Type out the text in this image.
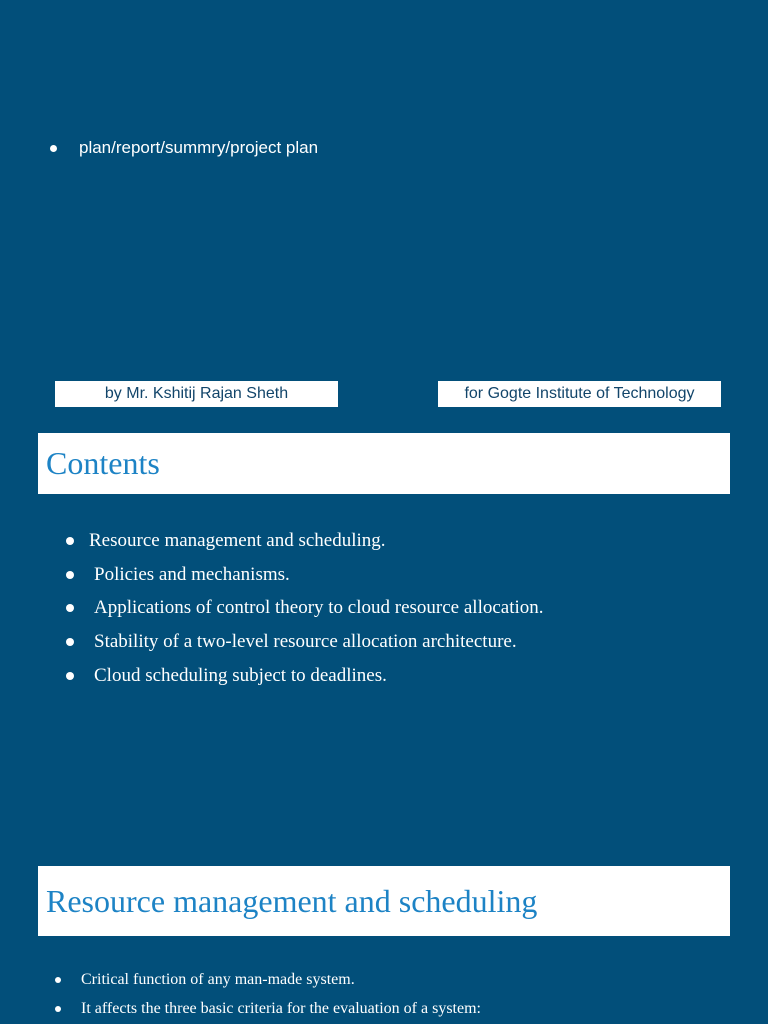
plan/report/summry/project plan
by Mr. Kshitij Rajan Sheth	for Gogte Institute of Technology
Contents
Resource management and scheduling.
Policies and mechanisms.
Applications of control theory to cloud resource allocation.
Stability of a two-level resource allocation architecture.
Cloud scheduling subject to deadlines.
Resource management and scheduling
Critical function of any man-made system.
It affects the three basic criteria for the evaluation of a system:
